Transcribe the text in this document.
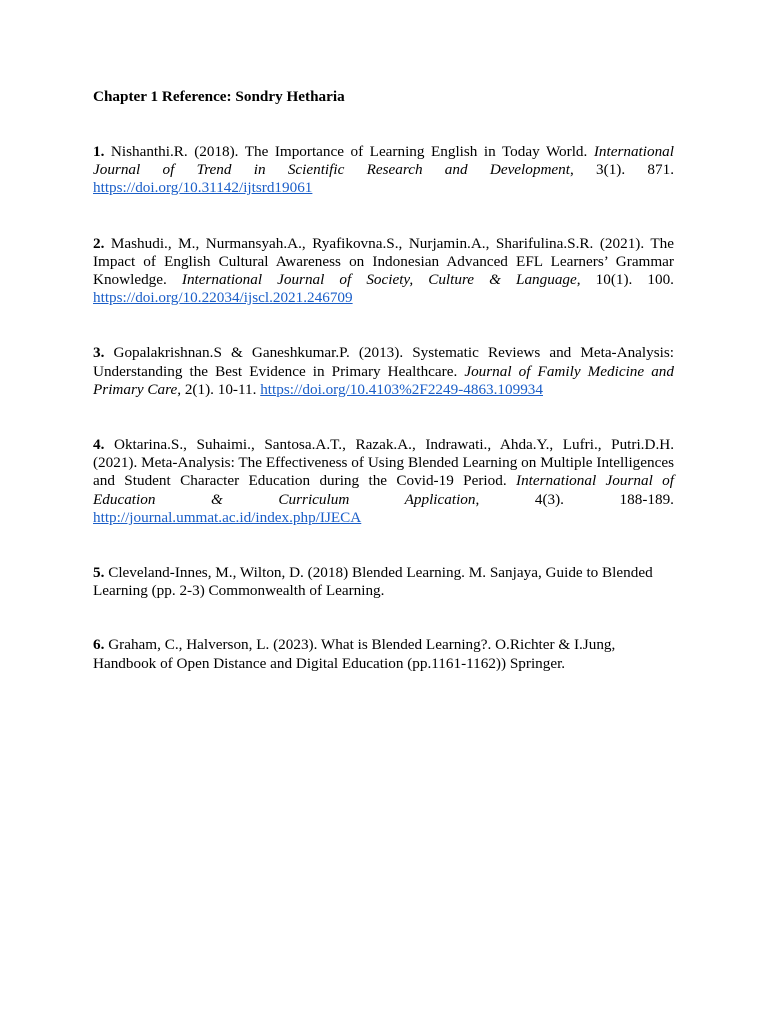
Chapter 1 Reference: Sondry Hetharia

1. Nishanthi.R. (2018). The Importance of Learning English in Today World. International Journal of Trend in Scientific Research and Development, 3(1). 871. https://doi.org/10.31142/ijtsrd19061

2. Mashudi., M., Nurmansyah.A., Ryafikovna.S., Nurjamin.A., Sharifulina.S.R. (2021). The Impact of English Cultural Awareness on Indonesian Advanced EFL Learners’ Grammar Knowledge. International Journal of Society, Culture & Language, 10(1). 100. https://doi.org/10.22034/ijscl.2021.246709

3. Gopalakrishnan.S & Ganeshkumar.P. (2013). Systematic Reviews and Meta-Analysis: Understanding the Best Evidence in Primary Healthcare. Journal of Family Medicine and Primary Care, 2(1). 10-11. https://doi.org/10.4103%2F2249-4863.109934

4. Oktarina.S., Suhaimi., Santosa.A.T., Razak.A., Indrawati., Ahda.Y., Lufri., Putri.D.H. (2021). Meta-Analysis: The Effectiveness of Using Blended Learning on Multiple Intelligences and Student Character Education during the Covid-19 Period. International Journal of Education & Curriculum Application, 4(3). 188-189. http://journal.ummat.ac.id/index.php/IJECA

5. Cleveland-Innes, M., Wilton, D. (2018) Blended Learning. M. Sanjaya, Guide to Blended Learning (pp. 2-3) Commonwealth of Learning.

6. Graham, C., Halverson, L. (2023). What is Blended Learning?. O.Richter & I.Jung, Handbook of Open Distance and Digital Education (pp.1161-1162)) Springer.
